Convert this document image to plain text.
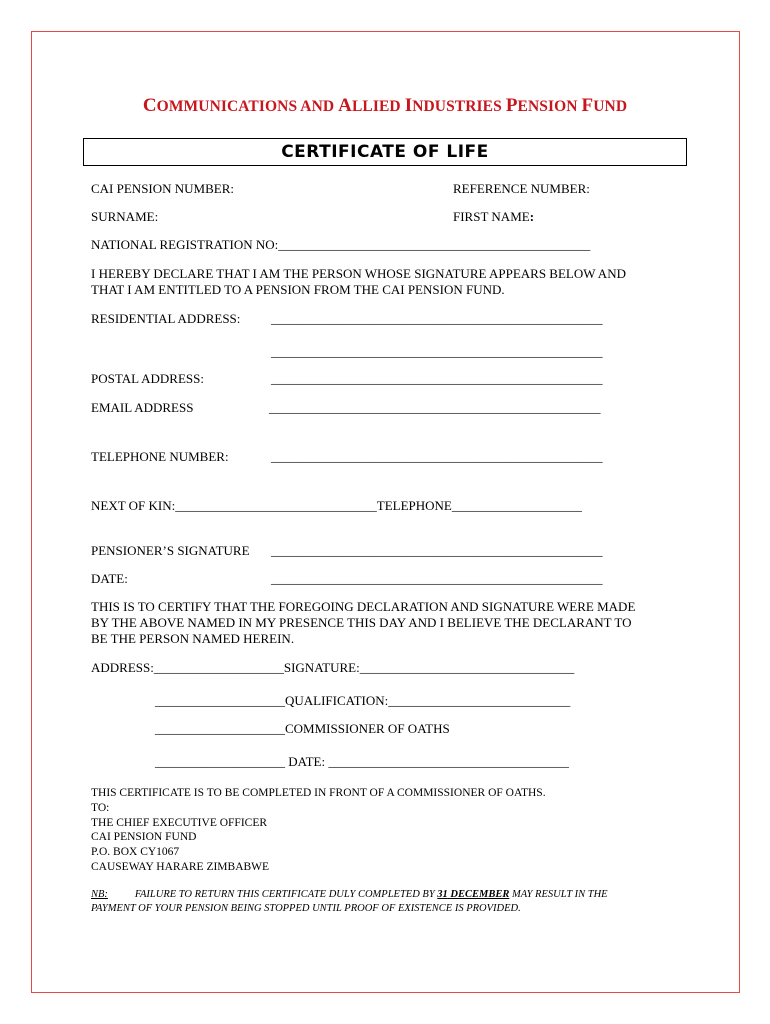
COMMUNICATIONS AND ALLIED INDUSTRIES PENSION FUND
CERTIFICATE OF LIFE
CAI PENSION NUMBER:	REFERENCE NUMBER:
SURNAME:	FIRST NAME:
NATIONAL REGISTRATION NO:________________________________________________
I HEREBY DECLARE THAT I AM THE PERSON WHOSE SIGNATURE APPEARS BELOW AND
THAT I AM ENTITLED TO A PENSION FROM THE CAI PENSION FUND.
RESIDENTIAL ADDRESS: ___________________________________________________
___________________________________________________
POSTAL ADDRESS:	___________________________________________________
EMAIL ADDRESS	___________________________________________________
TELEPHONE NUMBER:	___________________________________________________
NEXT OF KIN:_______________________________TELEPHONE____________________
PENSIONER’S SIGNATURE ___________________________________________________
DATE:	___________________________________________________
THIS IS TO CERTIFY THAT THE FOREGOING DECLARATION AND SIGNATURE WERE MADE
BY THE ABOVE NAMED IN MY PRESENCE THIS DAY AND I BELIEVE THE DECLARANT TO
BE THE PERSON NAMED HEREIN.
ADDRESS:____________________SIGNATURE:_________________________________
____________________QUALIFICATION:____________________________
____________________COMMISSIONER OF OATHS
____________________ DATE: _____________________________________
THIS CERTIFICATE IS TO BE COMPLETED IN FRONT OF A COMMISSIONER OF OATHS.
TO:
THE CHIEF EXECUTIVE OFFICER
CAI PENSION FUND
P.O. BOX CY1067
CAUSEWAY HARARE ZIMBABWE
NB:	FAILURE TO RETURN THIS CERTIFICATE DULY COMPLETED BY 31 DECEMBER MAY RESULT IN THE
PAYMENT OF YOUR PENSION BEING STOPPED UNTIL PROOF OF EXISTENCE IS PROVIDED.
